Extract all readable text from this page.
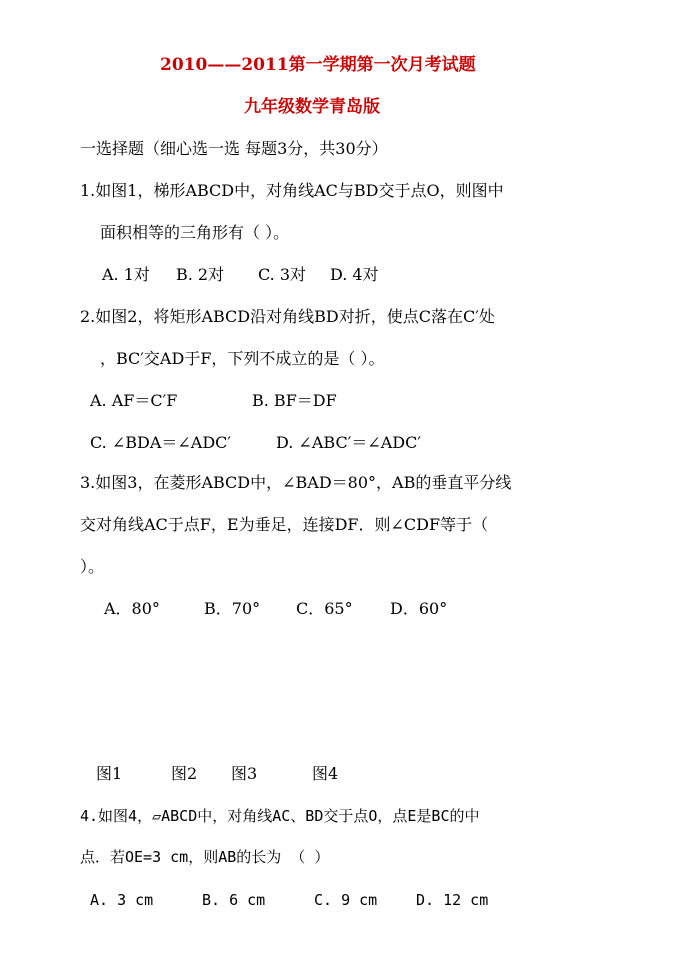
2010——2011第一学期第一次月考试题
九年级数学青岛版
一选择题（细心选一选 每题3分，共30分）
1.如图1，梯形ABCD中，对角线AC与BD交于点O，则图中
面积相等的三角形有（ ）。
A. 1对 B. 2对 C. 3对 D. 4对
2.如图2，将矩形ABCD沿对角线BD对折，使点C落在C′处
，BC′交AD于F，下列不成立的是（ ）。
A. AF＝C′F	B. BF＝DF
C. ∠BDA＝∠ADC′	D. ∠ABC′＝∠ADC′
3.如图3，在菱形ABCD中，∠BAD＝80°，AB的垂直平分线
交对角线AC于点F，E为垂足，连接DF．则∠CDF等于（
）。
A．80°	B．70° C．65° D．60°
图1	图2 图3	图4
4.如图4，▱ABCD中，对角线AC、BD交于点O，点E是BC的中
点．若OE=3 cm，则AB的长为 （ ）
A. 3 cm	B. 6 cm	C. 9 cm	D. 12 cm
